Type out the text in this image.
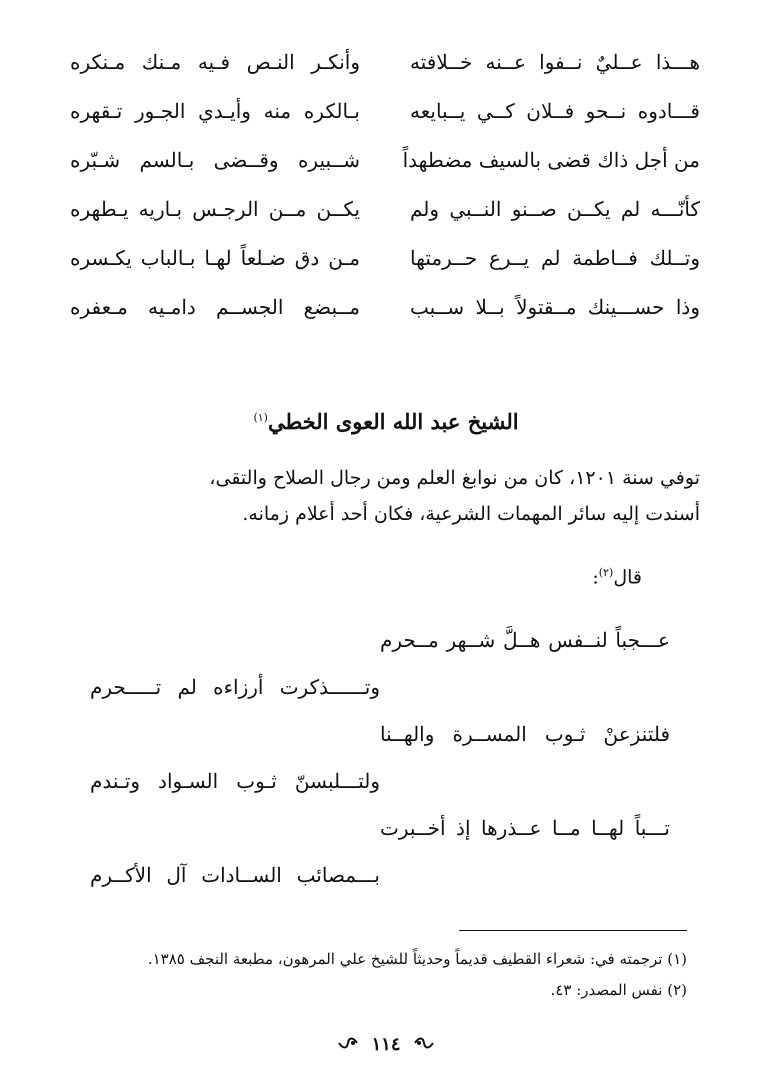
هـــذا عــليٌ نــفوا عــنه خــلافته
وأنكـر النـص فـيه مـنك مـنكره
قـــادوه نــحو فــلان كــي يــبايعه
بـالكره منه وأيـدي الجـور تـقهره
من أجل ذاك قضى بالسيف مضطهداً
شــبيره وقــضى بـالسم شـبّره
كأنّـــه لم يكــن صــنو النــبي ولم
يكــن مــن الرجـس بـاريه يـطهره
وتــلك فــاطمة لم يــرع حــرمتها
مـن دق ضـلعاً لهـا بـالباب يكـسره
وذا حســـينك مــقتولاً بــلا ســبب
مــبضع الجســم دامـيه مـعفره
الشيخ عبد الله العوى الخطي$^{(١)}$

توفي سنة ١٢٠١، كان من نوابغ العلم ومن رجال الصلاح والتقى،

أسندت إليه سائر المهمات الشرعية، فكان أحد أعلام زمانه.

قال$^{(٢)}$:
عـــجباً لنــفس هــلَّ شــهر مــحرم
وتــــــذكرت أرزاءه لم تـــــحرم
فلتنزعنْ ثـوب المســرة والهــنا
ولتـــلبسنّ ثـوب السـواد وتـندم
تـــباً لهــا مــا عــذرها إذ أخــبرت
بـــمصائب الســادات آل الأكــرم

(١) ترجمته في: شعراء القطيف قديماً وحديثاً للشيخ علي المرهون، مطبعة النجف ١٣٨٥.

(٢) نفس المصدر: ٤٣.

١١٤
